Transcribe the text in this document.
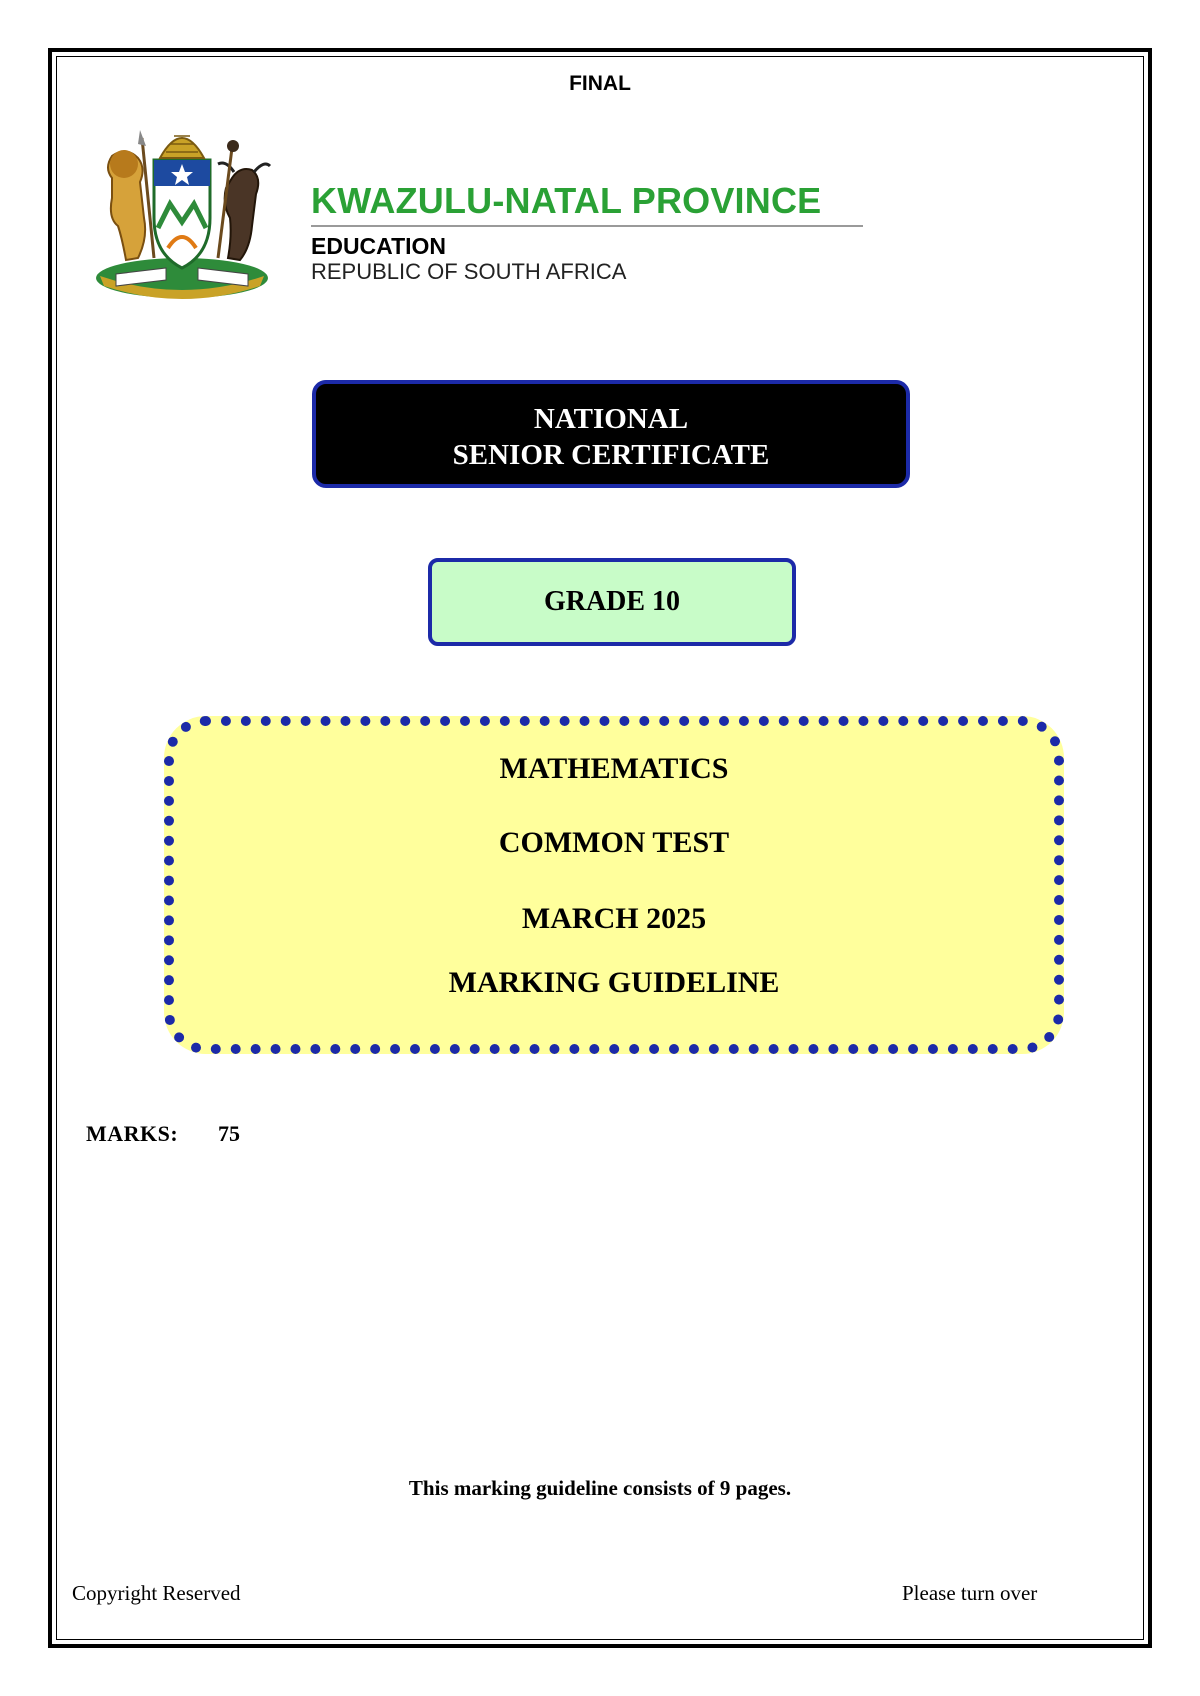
FINAL
KWAZULU-NATAL PROVINCE
EDUCATION
REPUBLIC OF SOUTH AFRICA
NATIONAL
SENIOR CERTIFICATE
GRADE 10
MATHEMATICS
COMMON TEST
MARCH 2025
MARKING GUIDELINE
MARKS: 75
This marking guideline consists of 9 pages.
Copyright Reserved	Please turn over
